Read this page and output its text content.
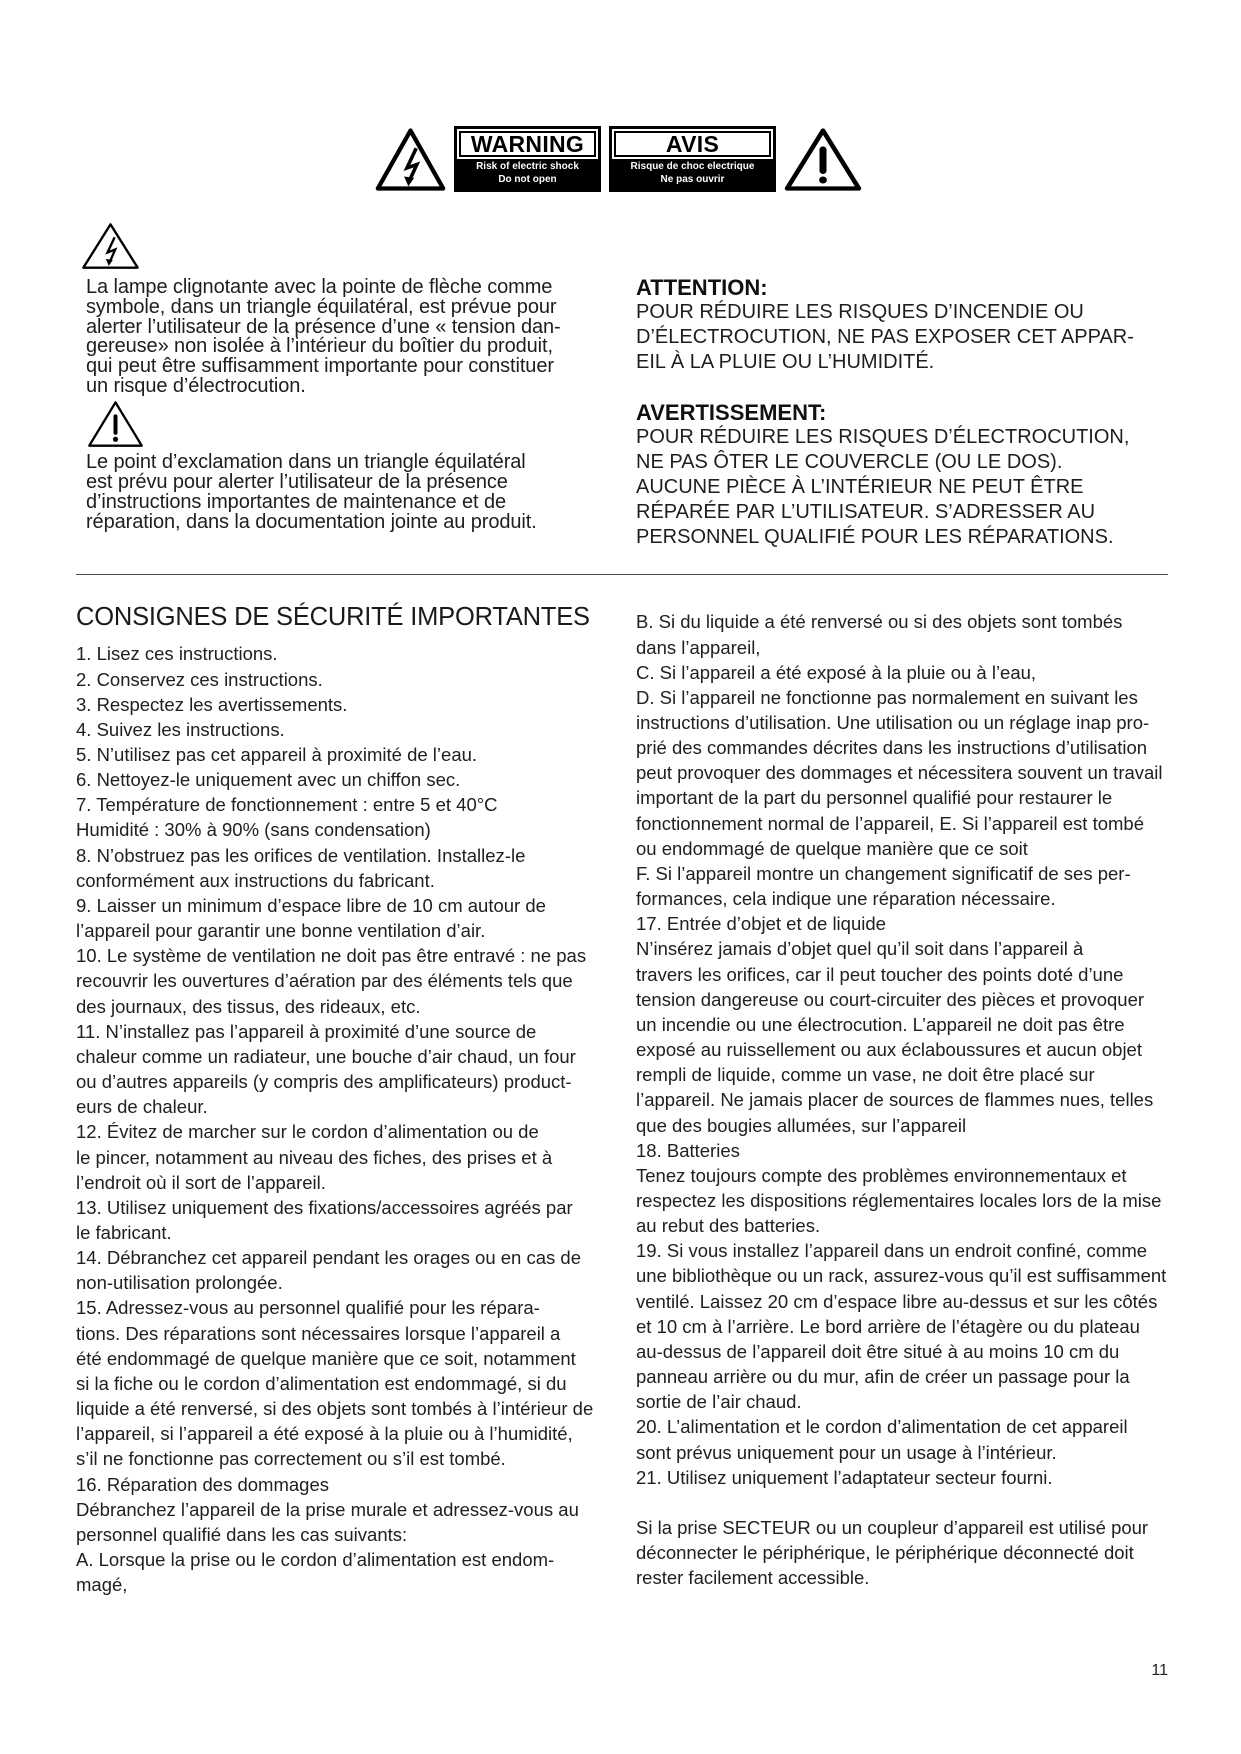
WARNING
Risk of electric shock
Do not open
AVIS
Risque de choc electrique
Ne pas ouvrir
La lampe clignotante avec la pointe de flèche comme
symbole, dans un triangle équilatéral, est prévue pour
alerter l’utilisateur de la présence d’une « tension dan-
gereuse» non isolée à l’intérieur du boîtier du produit,
qui peut être suffisamment importante pour constituer
un risque d’électrocution.
Le point d’exclamation dans un triangle équilatéral
est prévu pour alerter l’utilisateur de la présence
d’instructions importantes de maintenance et de
réparation, dans la documentation jointe au produit.
ATTENTION:
POUR RÉDUIRE LES RISQUES D’INCENDIE OU
D’ÉLECTROCUTION, NE PAS EXPOSER CET APPAR-
EIL À LA PLUIE OU L’HUMIDITÉ.
AVERTISSEMENT:
POUR RÉDUIRE LES RISQUES D’ÉLECTROCUTION,
NE PAS ÔTER LE COUVERCLE (OU LE DOS).
AUCUNE PIÈCE À L’INTÉRIEUR NE PEUT ÊTRE
RÉPARÉE PAR L’UTILISATEUR. S’ADRESSER AU
PERSONNEL QUALIFIÉ POUR LES RÉPARATIONS.
CONSIGNES DE SÉCURITÉ IMPORTANTES
1. Lisez ces instructions.
2. Conservez ces instructions.
3. Respectez les avertissements.
4. Suivez les instructions.
5. N’utilisez pas cet appareil à proximité de l’eau.
6. Nettoyez-le uniquement avec un chiffon sec.
7. Température de fonctionnement : entre 5 et 40°C
Humidité : 30% à 90% (sans condensation)
8. N’obstruez pas les orifices de ventilation. Installez-le
conformément aux instructions du fabricant.
9. Laisser un minimum d’espace libre de 10 cm autour de
l’appareil pour garantir une bonne ventilation d’air.
10. Le système de ventilation ne doit pas être entravé : ne pas
recouvrir les ouvertures d’aération par des éléments tels que
des journaux, des tissus, des rideaux, etc.
11. N’installez pas l’appareil à proximité d’une source de
chaleur comme un radiateur, une bouche d’air chaud, un four
ou d’autres appareils (y compris des amplificateurs) product-
eurs de chaleur.
12. Évitez de marcher sur le cordon d’alimentation ou de
le pincer, notamment au niveau des fiches, des prises et à
l’endroit où il sort de l’appareil.
13. Utilisez uniquement des fixations/accessoires agréés par
le fabricant.
14. Débranchez cet appareil pendant les orages ou en cas de
non-utilisation prolongée.
15. Adressez-vous au personnel qualifié pour les répara-
tions. Des réparations sont nécessaires lorsque l’appareil a
été endommagé de quelque manière que ce soit, notamment
si la fiche ou le cordon d’alimentation est endommagé, si du
liquide a été renversé, si des objets sont tombés à l’intérieur de
l’appareil, si l’appareil a été exposé à la pluie ou à l’humidité,
s’il ne fonctionne pas correctement ou s’il est tombé.
16. Réparation des dommages
Débranchez l’appareil de la prise murale et adressez-vous au
personnel qualifié dans les cas suivants:
A. Lorsque la prise ou le cordon d’alimentation est endom-
magé,
B. Si du liquide a été renversé ou si des objets sont tombés
dans l’appareil,
C. Si l’appareil a été exposé à la pluie ou à l’eau,
D. Si l’appareil ne fonctionne pas normalement en suivant les
instructions d’utilisation. Une utilisation ou un réglage inap pro-
prié des commandes décrites dans les instructions d’utilisation
peut provoquer des dommages et nécessitera souvent un travail
important de la part du personnel qualifié pour restaurer le
fonctionnement normal de l’appareil, E. Si l’appareil est tombé
ou endommagé de quelque manière que ce soit
F. Si l’appareil montre un changement significatif de ses per-
formances, cela indique une réparation nécessaire.
17. Entrée d’objet et de liquide
N’insérez jamais d’objet quel qu’il soit dans l’appareil à
travers les orifices, car il peut toucher des points doté d’une
tension dangereuse ou court-circuiter des pièces et provoquer
un incendie ou une électrocution. L’appareil ne doit pas être
exposé au ruissellement ou aux éclaboussures et aucun objet
rempli de liquide, comme un vase, ne doit être placé sur
l’appareil. Ne jamais placer de sources de flammes nues, telles
que des bougies allumées, sur l’appareil
18. Batteries
Tenez toujours compte des problèmes environnementaux et
respectez les dispositions réglementaires locales lors de la mise
au rebut des batteries.
19. Si vous installez l’appareil dans un endroit confiné, comme
une bibliothèque ou un rack, assurez-vous qu’il est suffisamment
ventilé. Laissez 20 cm d’espace libre au-dessus et sur les côtés
et 10 cm à l’arrière. Le bord arrière de l’étagère ou du plateau
au-dessus de l’appareil doit être situé à au moins 10 cm du
panneau arrière ou du mur, afin de créer un passage pour la
sortie de l’air chaud.
20. L’alimentation et le cordon d’alimentation de cet appareil
sont prévus uniquement pour un usage à l’intérieur.
21. Utilisez uniquement l’adaptateur secteur fourni.
Si la prise SECTEUR ou un coupleur d’appareil est utilisé pour
déconnecter le périphérique, le périphérique déconnecté doit
rester facilement accessible.
11
